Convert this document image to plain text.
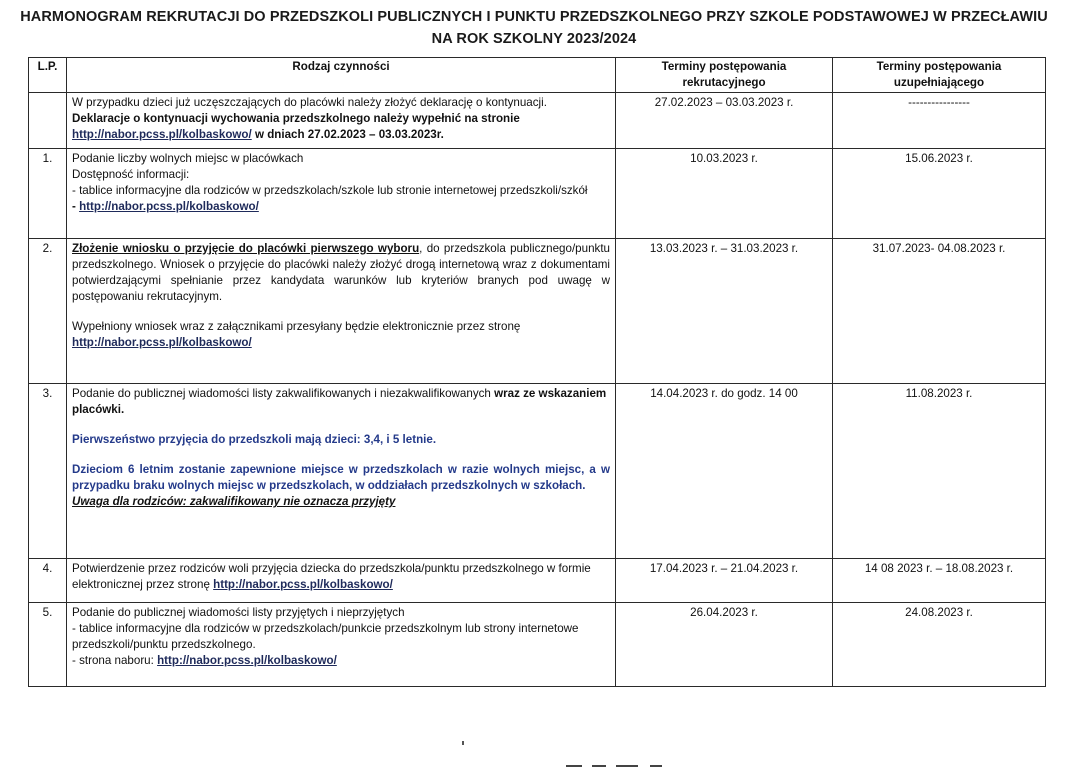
HARMONOGRAM REKRUTACJI DO PRZEDSZKOLI PUBLICZNYCH I PUNKTU PRZEDSZKOLNEGO PRZY SZKOLE PODSTAWOWEJ W PRZECŁAWIU NA ROK SZKOLNY 2023/2024
L.P.	Rodzaj czynności	Terminy postępowania rekrutacyjnego	Terminy postępowania uzupełniającego

	W przypadku dzieci już uczęszczających do placówki należy złożyć deklarację o kontynuacji.
Deklaracje o kontynuacji wychowania przedszkolnego należy wypełnić na stronie http://nabor.pcss.pl/kolbaskowo/ w dniach 27.02.2023 – 03.03.2023r.	27.02.2023 – 03.03.2023 r.	----------------
1.	Podanie liczby wolnych miejsc w placówkach
Dostępność informacji:
- tablice informacyjne dla rodziców w przedszkolach/szkole lub stronie internetowej przedszkoli/szkół
- http://nabor.pcss.pl/kolbaskowo/	10.03.2023 r.	15.06.2023 r.
2.	Złożenie wniosku o przyjęcie do placówki pierwszego wyboru, do przedszkola publicznego/punktu przedszkolnego. Wniosek o przyjęcie do placówki należy złożyć drogą internetową wraz z dokumentami potwierdzającymi spełnianie przez kandydata warunków lub kryteriów branych pod uwagę w postępowaniu rekrutacyjnym.
Wypełniony wniosek wraz z załącznikami przesyłany będzie elektronicznie przez stronę
http://nabor.pcss.pl/kolbaskowo/	13.03.2023 r. – 31.03.2023 r.	31.07.2023- 04.08.2023 r.
3.	Podanie do publicznej wiadomości listy zakwalifikowanych i niezakwalifikowanych wraz ze wskazaniem placówki.
Pierwszeństwo przyjęcia do przedszkoli mają dzieci: 3,4, i 5 letnie.
Dzieciom 6 letnim zostanie zapewnione miejsce w przedszkolach w razie wolnych miejsc, a w przypadku braku wolnych miejsc w przedszkolach, w oddziałach przedszkolnych w szkołach.
Uwaga dla rodziców: zakwalifikowany nie oznacza przyjęty	14.04.2023 r. do godz. 14 00	11.08.2023 r.
4.	Potwierdzenie przez rodziców woli przyjęcia dziecka do przedszkola/punktu przedszkolnego w formie elektronicznej przez stronę http://nabor.pcss.pl/kolbaskowo/	17.04.2023 r. – 21.04.2023 r.	14 08 2023 r. – 18.08.2023 r.
5.	Podanie do publicznej wiadomości listy przyjętych i nieprzyjętych
- tablice informacyjne dla rodziców w przedszkolach/punkcie przedszkolnym lub strony internetowe przedszkoli/punktu przedszkolnego.
- strona naboru: http://nabor.pcss.pl/kolbaskowo/	26.04.2023 r.	24.08.2023 r.
